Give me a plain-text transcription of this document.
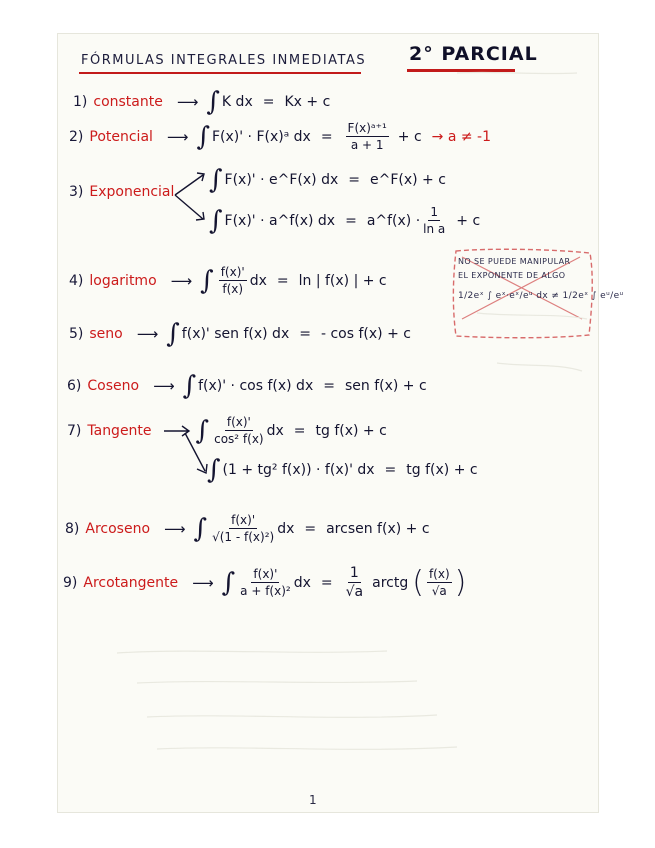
FÓRMULAS INTEGRALES INMEDIATAS 2° PARCIAL
1) constante ⟶ ∫ K dx = Kx + c
2) Potencial ⟶ ∫ F(x)' · F(x)ᵃ dx = $\frac{\text{F(x)ᵃ⁺¹}}{a + 1} + c \to a \ne -1$
3) Exponencial ∫ F(x)' · e^F(x) dx = e^F(x) + c
∫ F(x)' · a^f(x) dx = a^f(x) · $\frac{1}{\text{ln a}} + c$
4) logaritmo ⟶ ∫ $\frac{f(x)'}{f(x)}$ dx = ln | f(x) | + c
NO SE PUEDE MANIPULAR
EL EXPONENTE DE ALGO
1/2eˣ ∫ eˣ·eˣ/eᵘ dx ≠ 1/2eˣ ∫ eᵘ/eᵘ
5) seno ⟶ ∫ f(x)' sen f(x) dx = - cos f(x) + c
6) Coseno ⟶ ∫ f(x)' · cos f(x) dx = sen f(x) + c
7) Tangente ∫ $\frac{f(x)'}{\text{cos² f(x)}}$ dx = tg f(x) + c
∫ (1 + tg² f(x)) · f(x)' dx = tg f(x) + c
8) Arcoseno ⟶ ∫ $\frac{f(x)'}{\text{√(1 - f(x)²)}}$ dx = arcsen f(x) + c
9) Arcotangente ⟶ ∫ $\frac{f(x)'}{\text{a + f(x)²}}$ dx = $\frac{1}{√a}$ arctg ( $\frac{f(x)}{√a}$ )
1
